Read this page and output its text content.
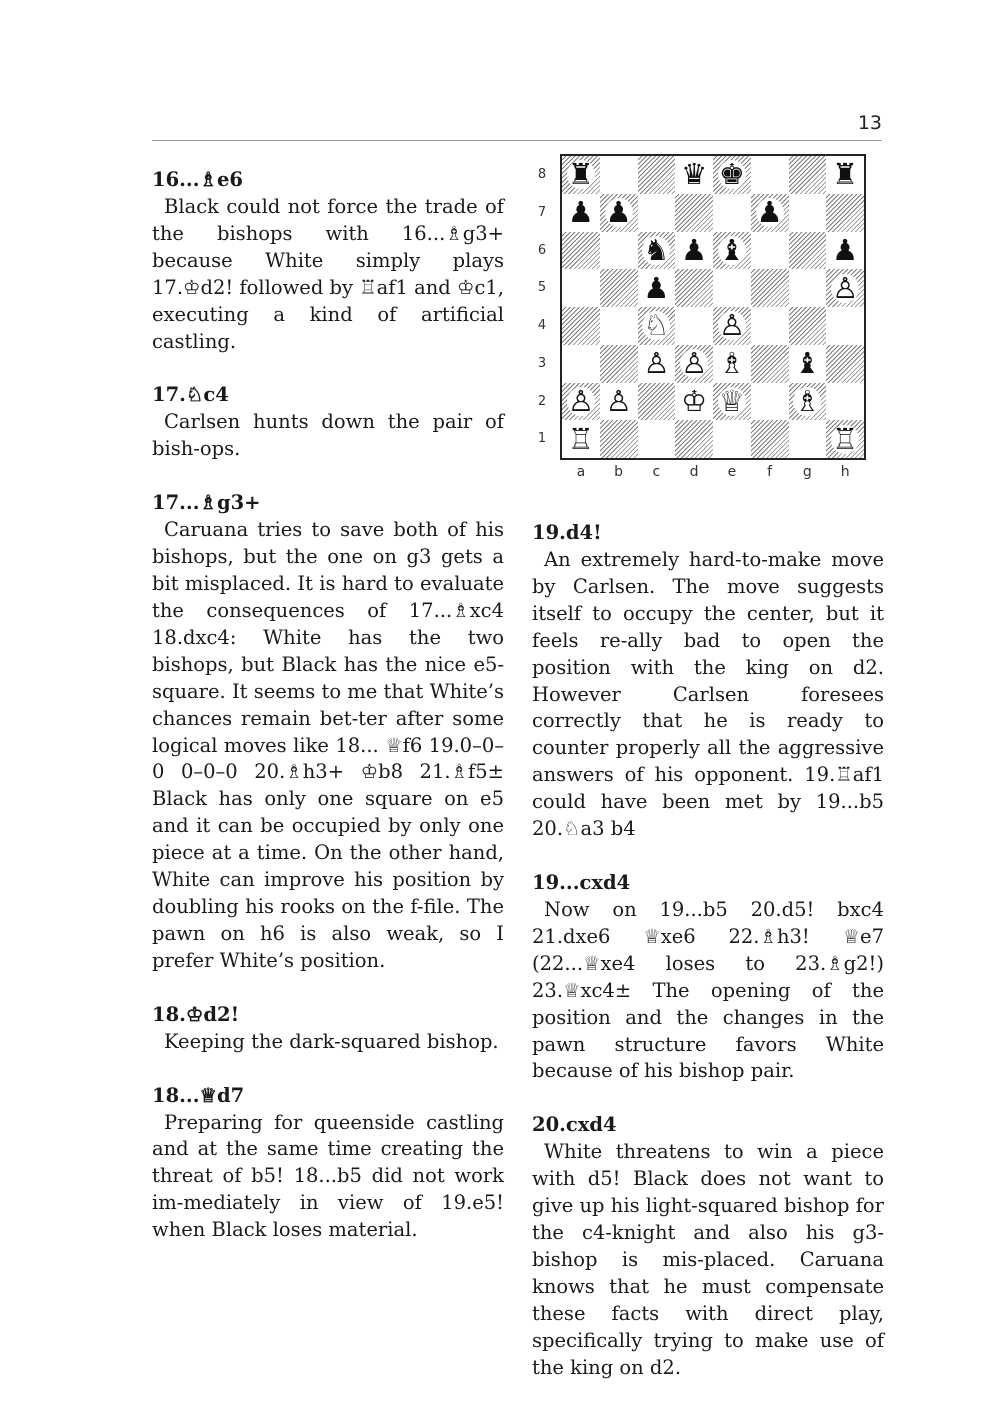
13
16...♗e6

Black could not force the trade of the bishops with 16...♗g3+ because White simply plays 17.♔d2! followed by ♖af1 and ♔c1, executing a kind of artificial castling.

17.♘c4

Carlsen hunts down the pair of bish-ops.

17...♗g3+

Caruana tries to save both of his bishops, but the one on g3 gets a bit misplaced. It is hard to evaluate the consequences of 17...♗xc4 18.dxc4: White has the two bishops, but Black has the nice e5-square. It seems to me that White’s chances remain bet-ter after some logical moves like 18... ♕f6 19.0–0–0 0–0–0 20.♗h3+ ♔b8 21.♗f5± Black has only one square on e5 and it can be occupied by only one piece at a time. On the other hand, White can improve his position by doubling his rooks on the f-file. The pawn on h6 is also weak, so I prefer White’s position.

18.♔d2!

Keeping the dark-squared bishop.

18...♕d7

Preparing for queenside castling and at the same time creating the threat of b5! 18...b5 did not work im-mediately in view of 19.e5! when Black loses material.

♜	♛ ♚	♜
♟ ♟	♟
♞ ♟ ♝	♟
♟	♙
♘ ♙
♙ ♙ ♗ ♝
♙ ♙ ♔ ♕ ♗
♖	♖
8
7
6
5
4
3
2
1
a	b	c	d	e	f	g	h
19.d4!

An extremely hard-to-make move by Carlsen. The move suggests itself to occupy the center, but it feels re-ally bad to open the position with the king on d2. However Carlsen foresees correctly that he is ready to counter properly all the aggressive answers of his opponent. 19.♖af1 could have been met by 19...b5 20.♘a3 b4

19...cxd4

Now on 19...b5 20.d5! bxc4 21.dxe6 ♕xe6 22.♗h3! ♕e7 (22...♕xe4 loses to 23.♗g2!) 23.♕xc4± The opening of the position and the changes in the pawn structure favors White because of his bishop pair.

20.cxd4

White threatens to win a piece with d5! Black does not want to give up his light-squared bishop for the c4-knight and also his g3-bishop is mis-placed. Caruana knows that he must compensate these facts with direct play, specifically trying to make use of the king on d2.
